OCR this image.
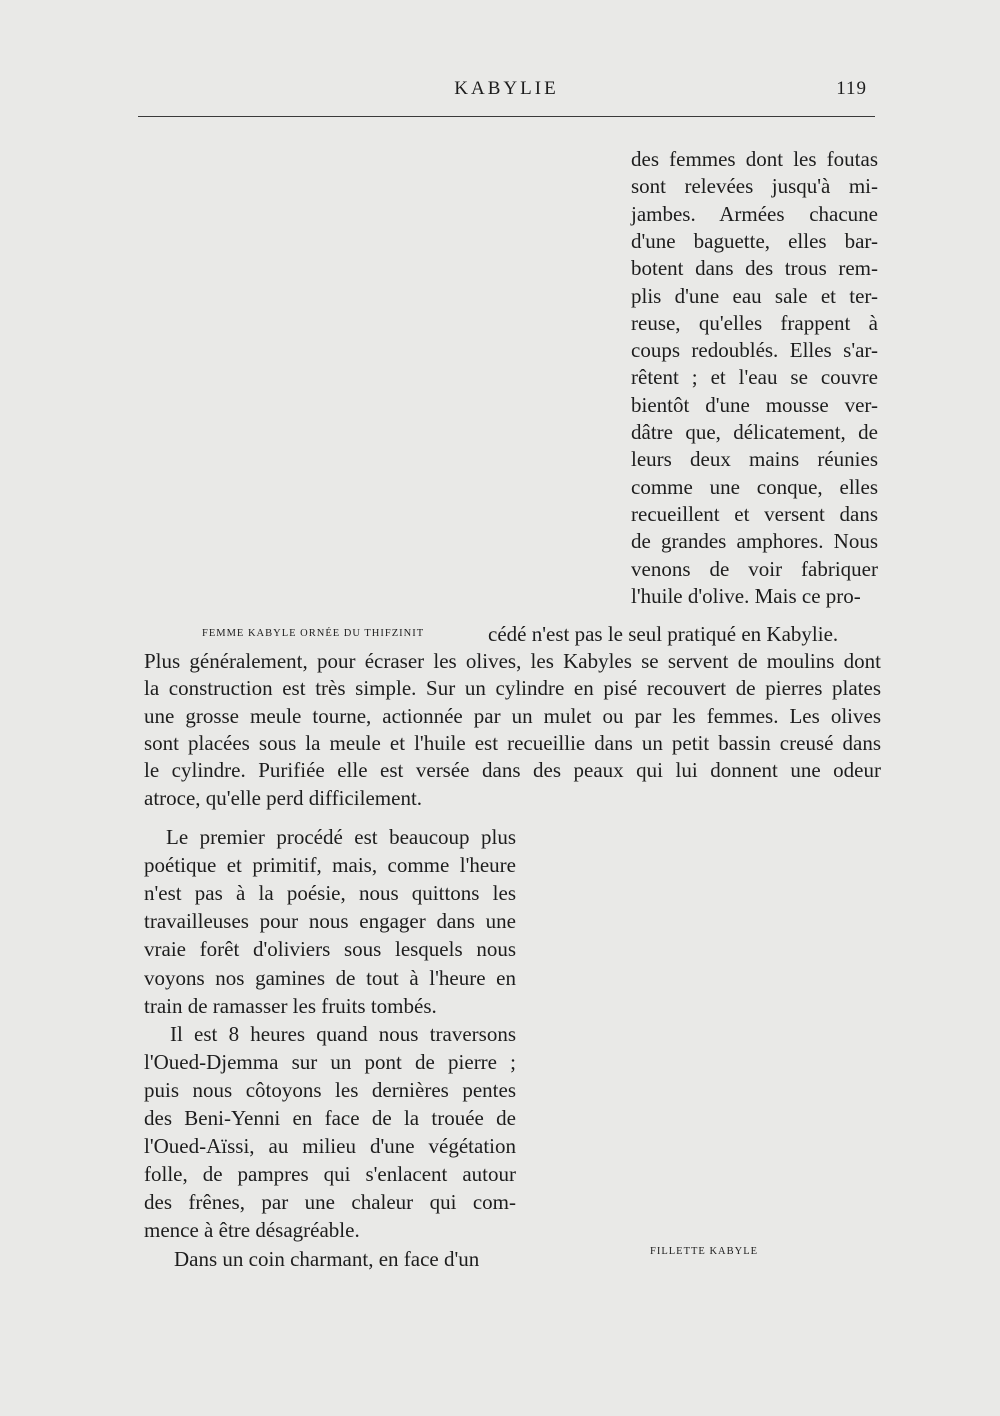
KABYLIE	119
FEMME KABYLE ORNÉE DU THIFZINIT
des femmes dont les foutas
sont relevées jusqu'à mi-
jambes. Armées chacune
d'une baguette, elles bar-
botent dans des trous rem-
plis d'une eau sale et ter-
reuse, qu'elles frappent à
coups redoublés. Elles s'ar-
rêtent ; et l'eau se couvre
bientôt d'une mousse ver-
dâtre que, délicatement, de
leurs deux mains réunies
comme une conque, elles
recueillent et versent dans
de grandes amphores. Nous
venons de voir fabriquer
l'huile d'olive. Mais ce pro-
cédé n'est pas le seul pratiqué en Kabylie.
Plus généralement, pour écraser les olives, les Kabyles se servent de moulins dont
la construction est très simple. Sur un cylindre en pisé recouvert de pierres plates
une grosse meule tourne, actionnée par un mulet ou par les femmes. Les olives
sont placées sous la meule et l'huile est recueillie dans un petit bassin creusé dans
le cylindre. Purifiée elle est versée dans des peaux qui lui donnent une odeur
atroce, qu'elle perd difficilement.
Le premier procédé est beaucoup plus
poétique et primitif, mais, comme l'heure
n'est pas à la poésie, nous quittons les
travailleuses pour nous engager dans une
vraie forêt d'oliviers sous lesquels nous
voyons nos gamines de tout à l'heure en
train de ramasser les fruits tombés.
Il est 8 heures quand nous traversons
l'Oued-Djemma sur un pont de pierre ;
puis nous côtoyons les dernières pentes
des Beni-Yenni en face de la trouée de
l'Oued-Aïssi, au milieu d'une végétation
folle, de pampres qui s'enlacent autour
des frênes, par une chaleur qui com-
mence à être désagréable.
Dans un coin charmant, en face d'un	FILLETTE KABYLE
